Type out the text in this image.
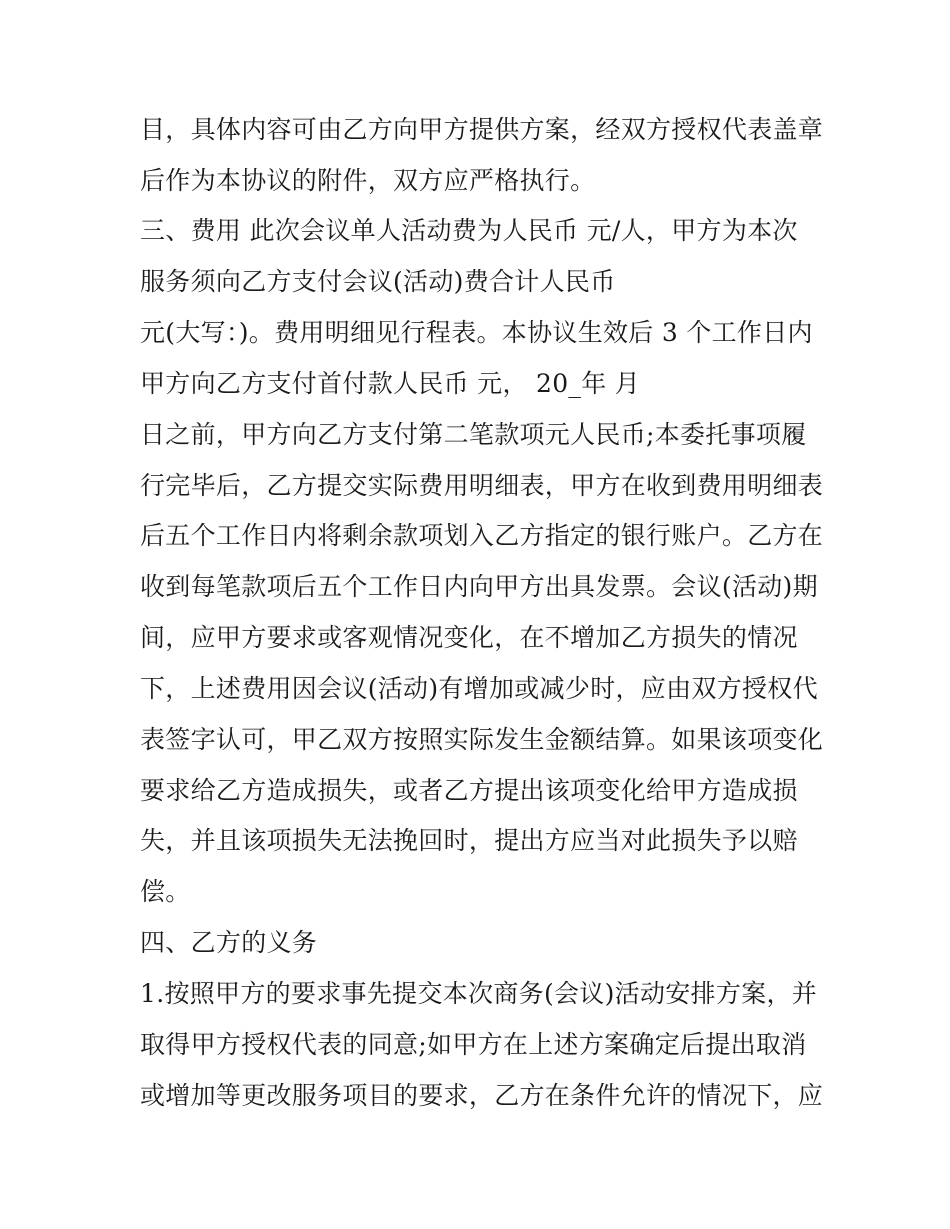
目，具体内容可由乙方向甲方提供方案，经双方授权代表盖章
后作为本协议的附件，双方应严格执行。
三、费用 此次会议单人活动费为人民币 元/人，甲方为本次
服务须向乙方支付会议(活动)费合计人民币
元(大写：)。费用明细见行程表。本协议生效后 3 个工作日内
甲方向乙方支付首付款人民币 元， 20_年 月
日之前，甲方向乙方支付第二笔款项元人民币;本委托事项履
行完毕后，乙方提交实际费用明细表，甲方在收到费用明细表
后五个工作日内将剩余款项划入乙方指定的银行账户。乙方在
收到每笔款项后五个工作日内向甲方出具发票。会议(活动)期
间，应甲方要求或客观情况变化，在不增加乙方损失的情况
下，上述费用因会议(活动)有增加或减少时，应由双方授权代
表签字认可，甲乙双方按照实际发生金额结算。如果该项变化
要求给乙方造成损失，或者乙方提出该项变化给甲方造成损
失，并且该项损失无法挽回时，提出方应当对此损失予以赔
偿。
四、乙方的义务
1.按照甲方的要求事先提交本次商务(会议)活动安排方案，并
取得甲方授权代表的同意;如甲方在上述方案确定后提出取消
或增加等更改服务项目的要求，乙方在条件允许的情况下，应
